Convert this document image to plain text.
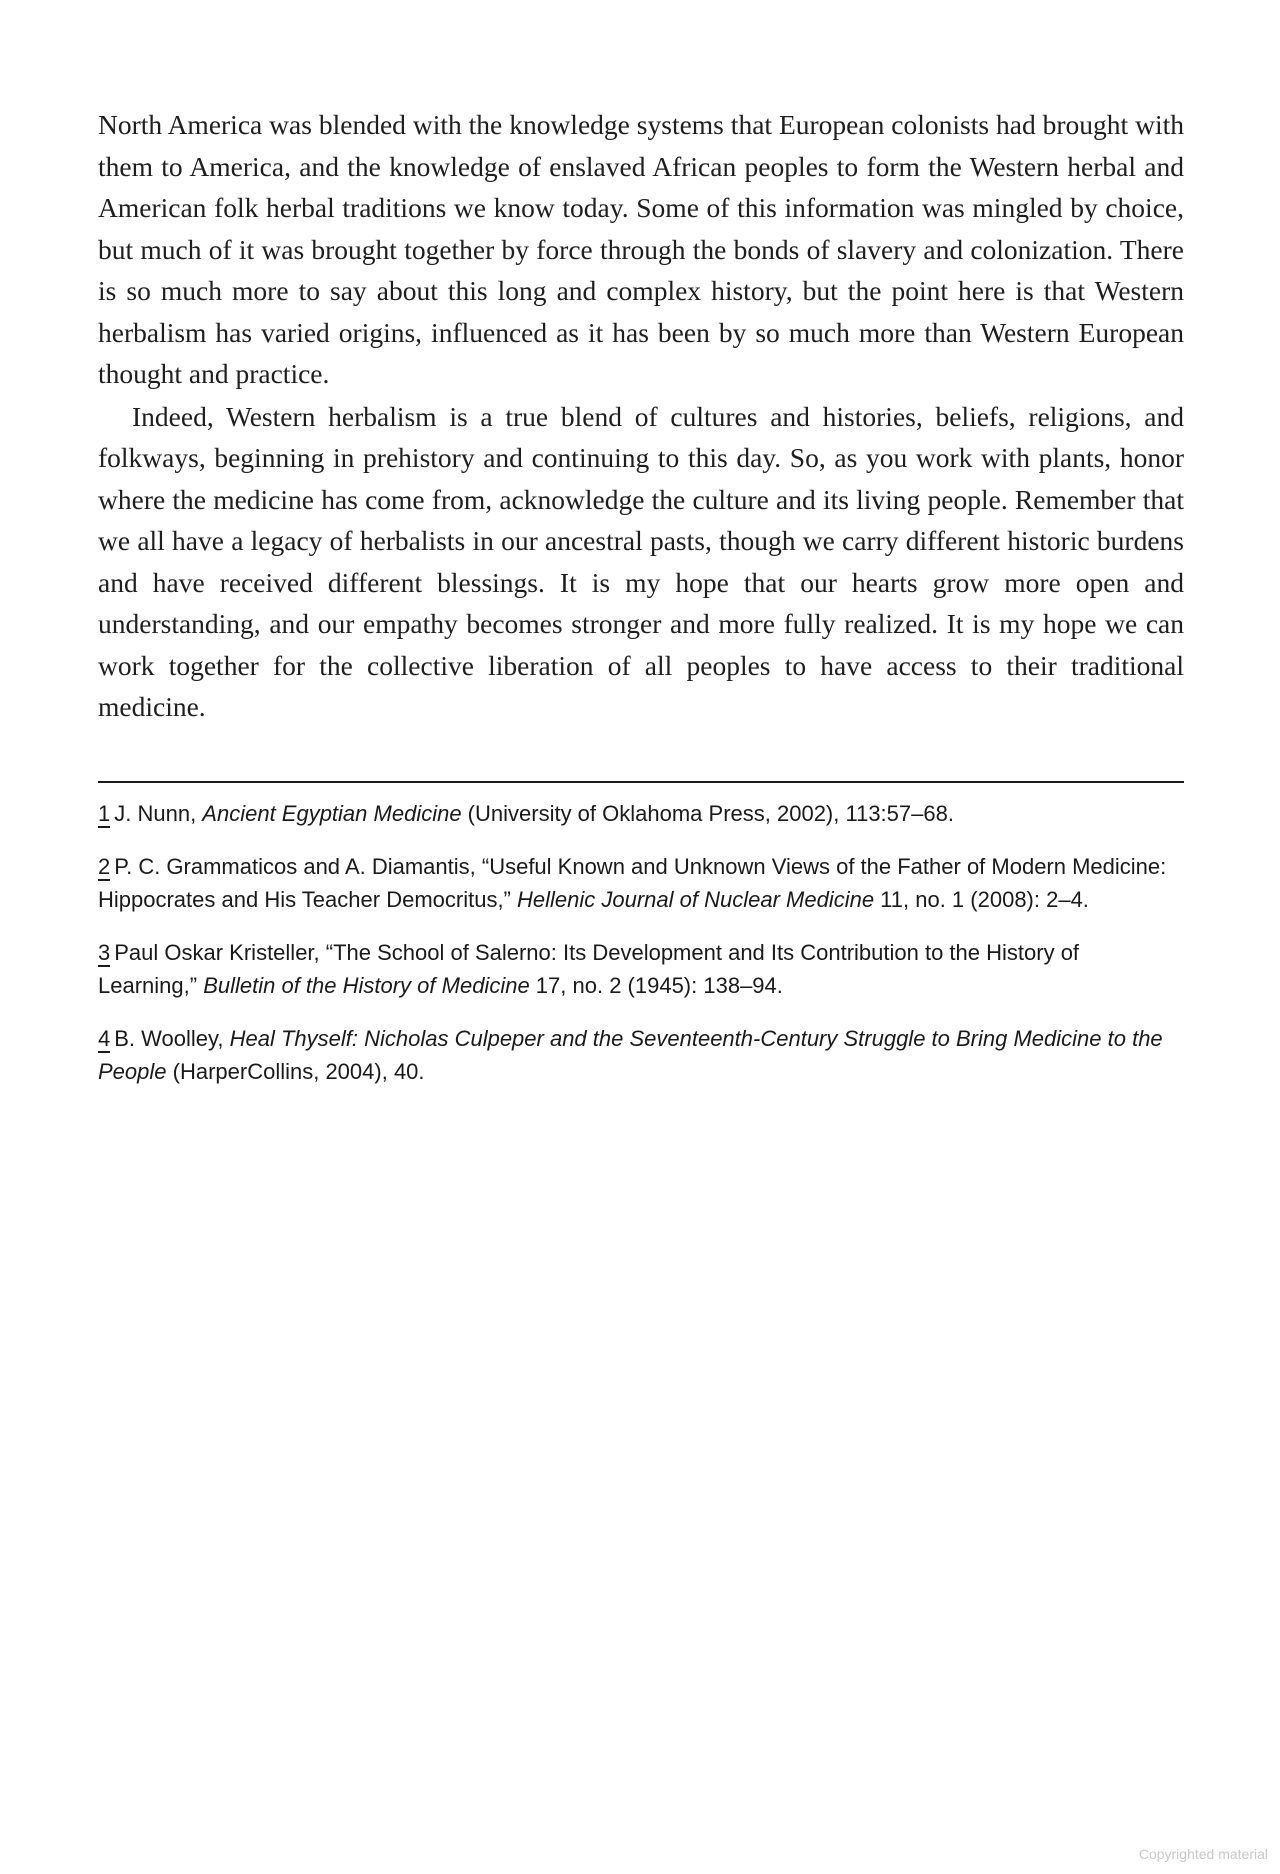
North America was blended with the knowledge systems that European colonists had brought with them to America, and the knowledge of enslaved African peoples to form the Western herbal and American folk herbal traditions we know today. Some of this information was mingled by choice, but much of it was brought together by force through the bonds of slavery and colonization. There is so much more to say about this long and complex history, but the point here is that Western herbalism has varied origins, influenced as it has been by so much more than Western European thought and practice.

Indeed, Western herbalism is a true blend of cultures and histories, beliefs, religions, and folkways, beginning in prehistory and continuing to this day. So, as you work with plants, honor where the medicine has come from, acknowledge the culture and its living people. Remember that we all have a legacy of herbalists in our ancestral pasts, though we carry different historic burdens and have received different blessings. It is my hope that our hearts grow more open and understanding, and our empathy becomes stronger and more fully realized. It is my hope we can work together for the collective liberation of all peoples to have access to their traditional medicine.

1 J. Nunn, Ancient Egyptian Medicine (University of Oklahoma Press, 2002), 113:57–68.

2 P. C. Grammaticos and A. Diamantis, “Useful Known and Unknown Views of the Father of Modern Medicine: Hippocrates and His Teacher Democritus,” Hellenic Journal of Nuclear Medicine 11, no. 1 (2008): 2–4.

3 Paul Oskar Kristeller, “The School of Salerno: Its Development and Its Contribution to the History of Learning,” Bulletin of the History of Medicine 17, no. 2 (1945): 138–94.

4 B. Woolley, Heal Thyself: Nicholas Culpeper and the Seventeenth-Century Struggle to Bring Medicine to the People (HarperCollins, 2004), 40.

Copyrighted material
